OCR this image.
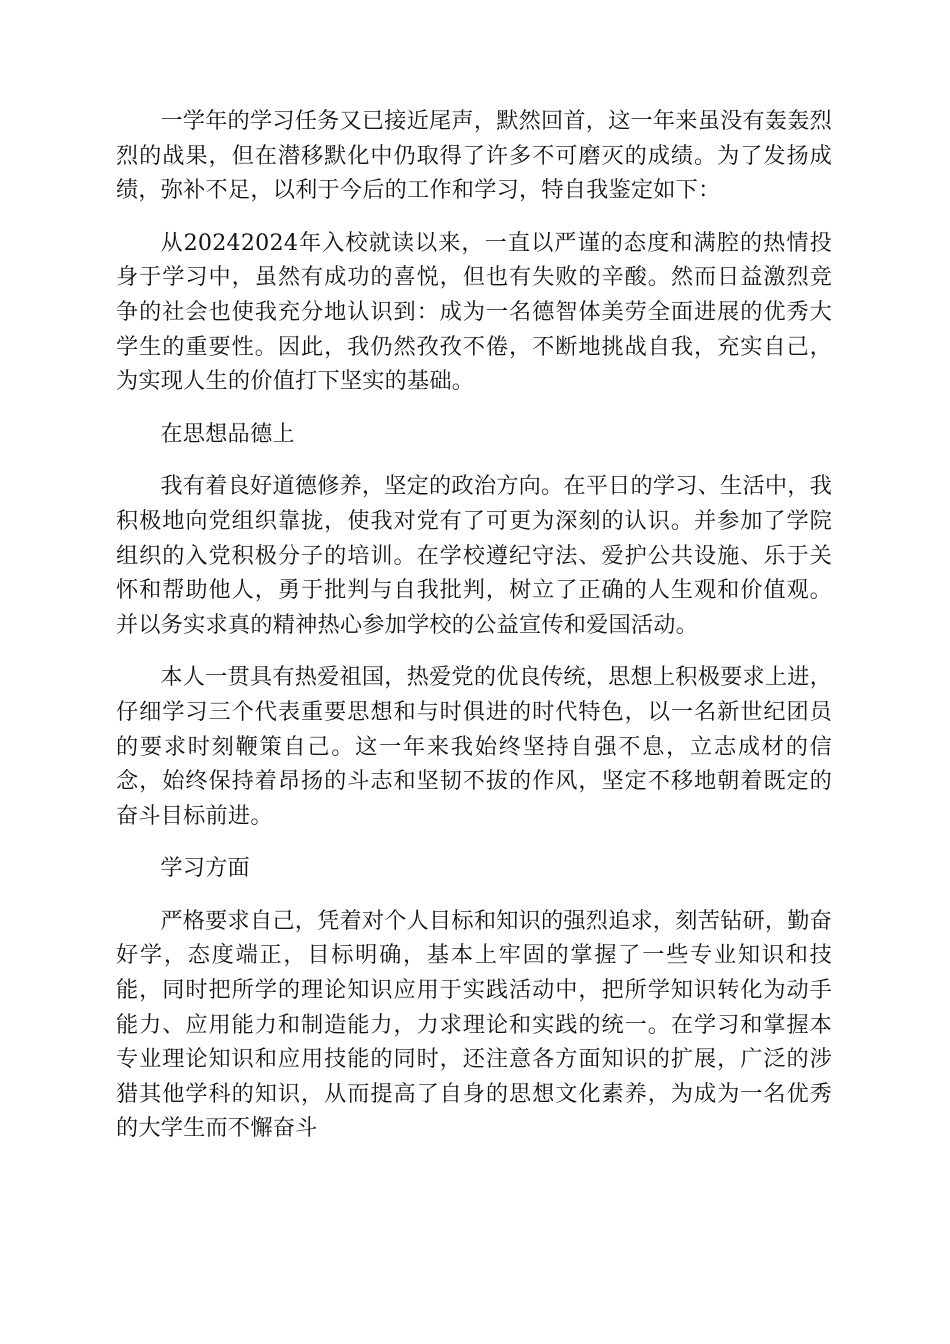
一学年的学习任务又已接近尾声，默然回首，这一年来虽没有轰轰烈烈的战果，但在潜移默化中仍取得了许多不可磨灭的成绩。为了发扬成绩，弥补不足，以利于今后的工作和学习，特自我鉴定如下：

从20242024年入校就读以来，一直以严谨的态度和满腔的热情投身于学习中，虽然有成功的喜悦，但也有失败的辛酸。然而日益激烈竞争的社会也使我充分地认识到：成为一名德智体美劳全面进展的优秀大学生的重要性。因此，我仍然孜孜不倦，不断地挑战自我，充实自己，为实现人生的价值打下坚实的基础。

在思想品德上

我有着良好道德修养，坚定的政治方向。在平日的学习、生活中，我积极地向党组织靠拢，使我对党有了可更为深刻的认识。并参加了学院组织的入党积极分子的培训。在学校遵纪守法、爱护公共设施、乐于关怀和帮助他人，勇于批判与自我批判，树立了正确的人生观和价值观。并以务实求真的精神热心参加学校的公益宣传和爱国活动。

本人一贯具有热爱祖国，热爱党的优良传统，思想上积极要求上进，仔细学习三个代表重要思想和与时俱进的时代特色，以一名新世纪团员的要求时刻鞭策自己。这一年来我始终坚持自强不息，立志成材的信念，始终保持着昂扬的斗志和坚韧不拔的作风，坚定不移地朝着既定的奋斗目标前进。

学习方面

严格要求自己，凭着对个人目标和知识的强烈追求，刻苦钻研，勤奋好学，态度端正，目标明确，基本上牢固的掌握了一些专业知识和技能，同时把所学的理论知识应用于实践活动中，把所学知识转化为动手能力、应用能力和制造能力，力求理论和实践的统一。在学习和掌握本专业理论知识和应用技能的同时，还注意各方面知识的扩展，广泛的涉猎其他学科的知识，从而提高了自身的思想文化素养，为成为一名优秀的大学生而不懈奋斗
